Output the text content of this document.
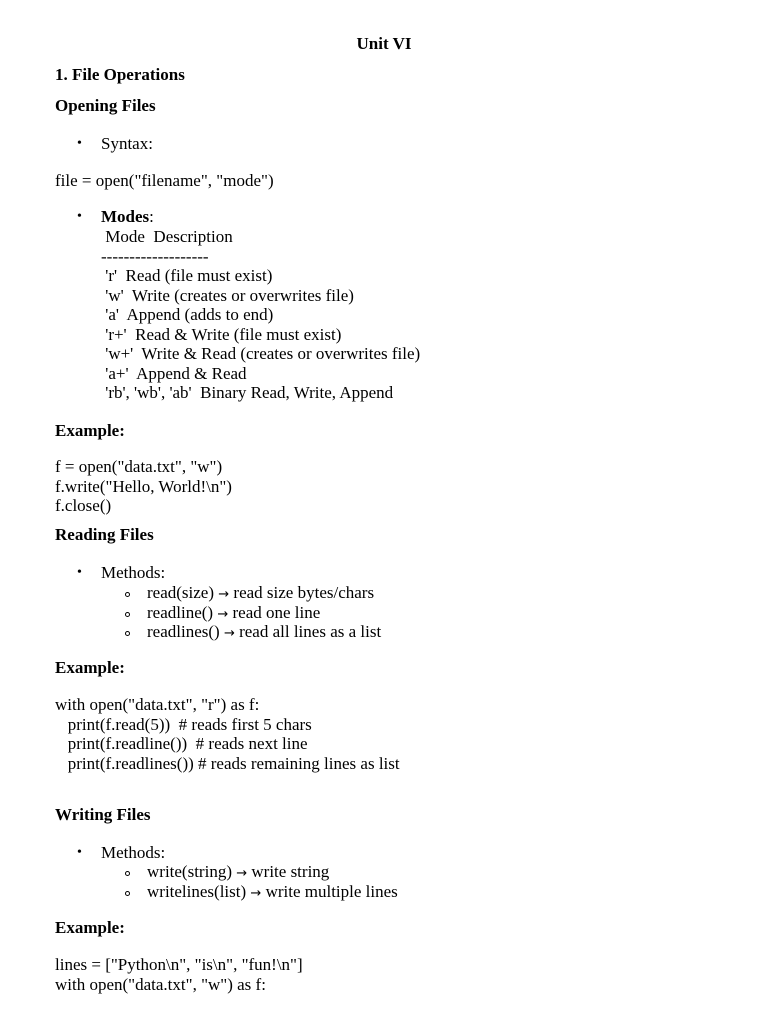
Unit VI
1. File Operations
Opening Files
• Syntax:
file = open("filename", "mode")
• Modes:
Mode  Description
-------------------
'r'  Read (file must exist)
'w'  Write (creates or overwrites file)
'a'  Append (adds to end)
'r+'  Read & Write (file must exist)
'w+'  Write & Read (creates or overwrites file)
'a+'  Append & Read
'rb', 'wb', 'ab'  Binary Read, Write, Append
Example:
f = open("data.txt", "w")
f.write("Hello, World!\n")
f.close()
Reading Files
• Methods:
read(size) → read size bytes/chars
readline() → read one line
readlines() → read all lines as a list
Example:
with open("data.txt", "r") as f:
print(f.read(5))  # reads first 5 chars
print(f.readline())  # reads next line
print(f.readlines()) # reads remaining lines as list
Writing Files
• Methods:
write(string) → write string
writelines(list) → write multiple lines
Example:
lines = ["Python\n", "is\n", "fun!\n"]
with open("data.txt", "w") as f:
